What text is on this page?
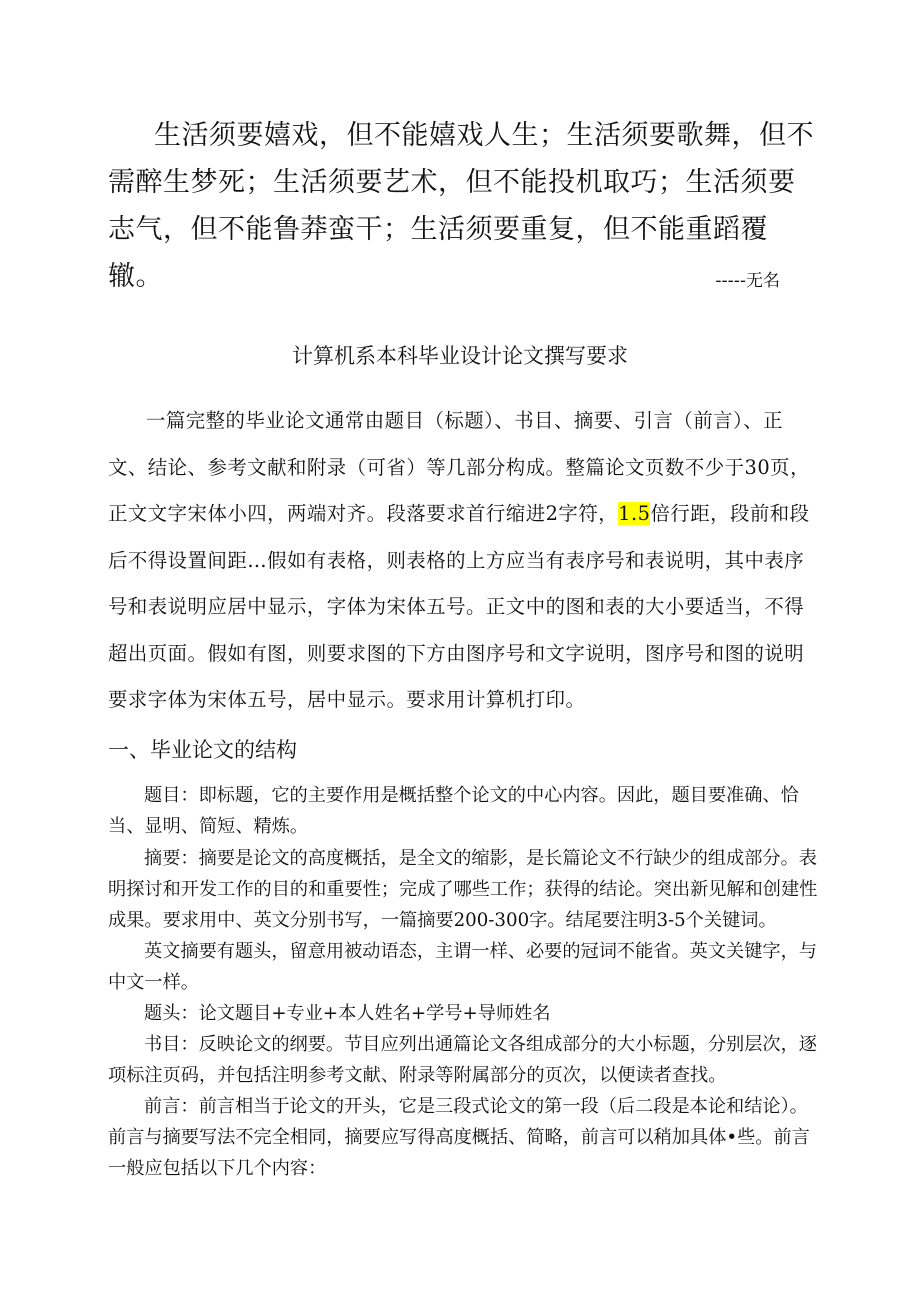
生活须要嬉戏，但不能嬉戏人生；生活须要歌舞，但不需醉生梦死；生活须要艺术，但不能投机取巧；生活须要志气，但不能鲁莽蛮干；生活须要重复，但不能重蹈覆辙。	-----无名
计算机系本科毕业设计论文撰写要求
一篇完整的毕业论文通常由题目（标题）、书目、摘要、引言（前言）、正文、结论、参考文献和附录（可省）等几部分构成。整篇论文页数不少于30页，正文文字宋体小四，两端对齐。段落要求首行缩进2字符，1.5倍行距，段前和段后不得设置间距…假如有表格，则表格的上方应当有表序号和表说明，其中表序号和表说明应居中显示，字体为宋体五号。正文中的图和表的大小要适当，不得超出页面。假如有图，则要求图的下方由图序号和文字说明，图序号和图的说明要求字体为宋体五号，居中显示。要求用计算机打印。
一、毕业论文的结构

题目：即标题，它的主要作用是概括整个论文的中心内容。因此，题目要准确、恰当、显明、简短、精炼。

摘要：摘要是论文的高度概括，是全文的缩影，是长篇论文不行缺少的组成部分。表明探讨和开发工作的目的和重要性；完成了哪些工作；获得的结论。突出新见解和创建性成果。要求用中、英文分别书写，一篇摘要200-300字。结尾要注明3-5个关键词。

英文摘要有题头，留意用被动语态，主谓一样、必要的冠词不能省。英文关键字，与中文一样。

题头：论文题目+专业+本人姓名+学号+导师姓名

书目：反映论文的纲要。节目应列出通篇论文各组成部分的大小标题，分别层次，逐项标注页码，并包括注明参考文献、附录等附属部分的页次，以便读者查找。

前言：前言相当于论文的开头，它是三段式论文的第一段（后二段是本论和结论）。前言与摘要写法不完全相同，摘要应写得高度概括、简略，前言可以稍加具体•些。前言一般应包括以下几个内容：
